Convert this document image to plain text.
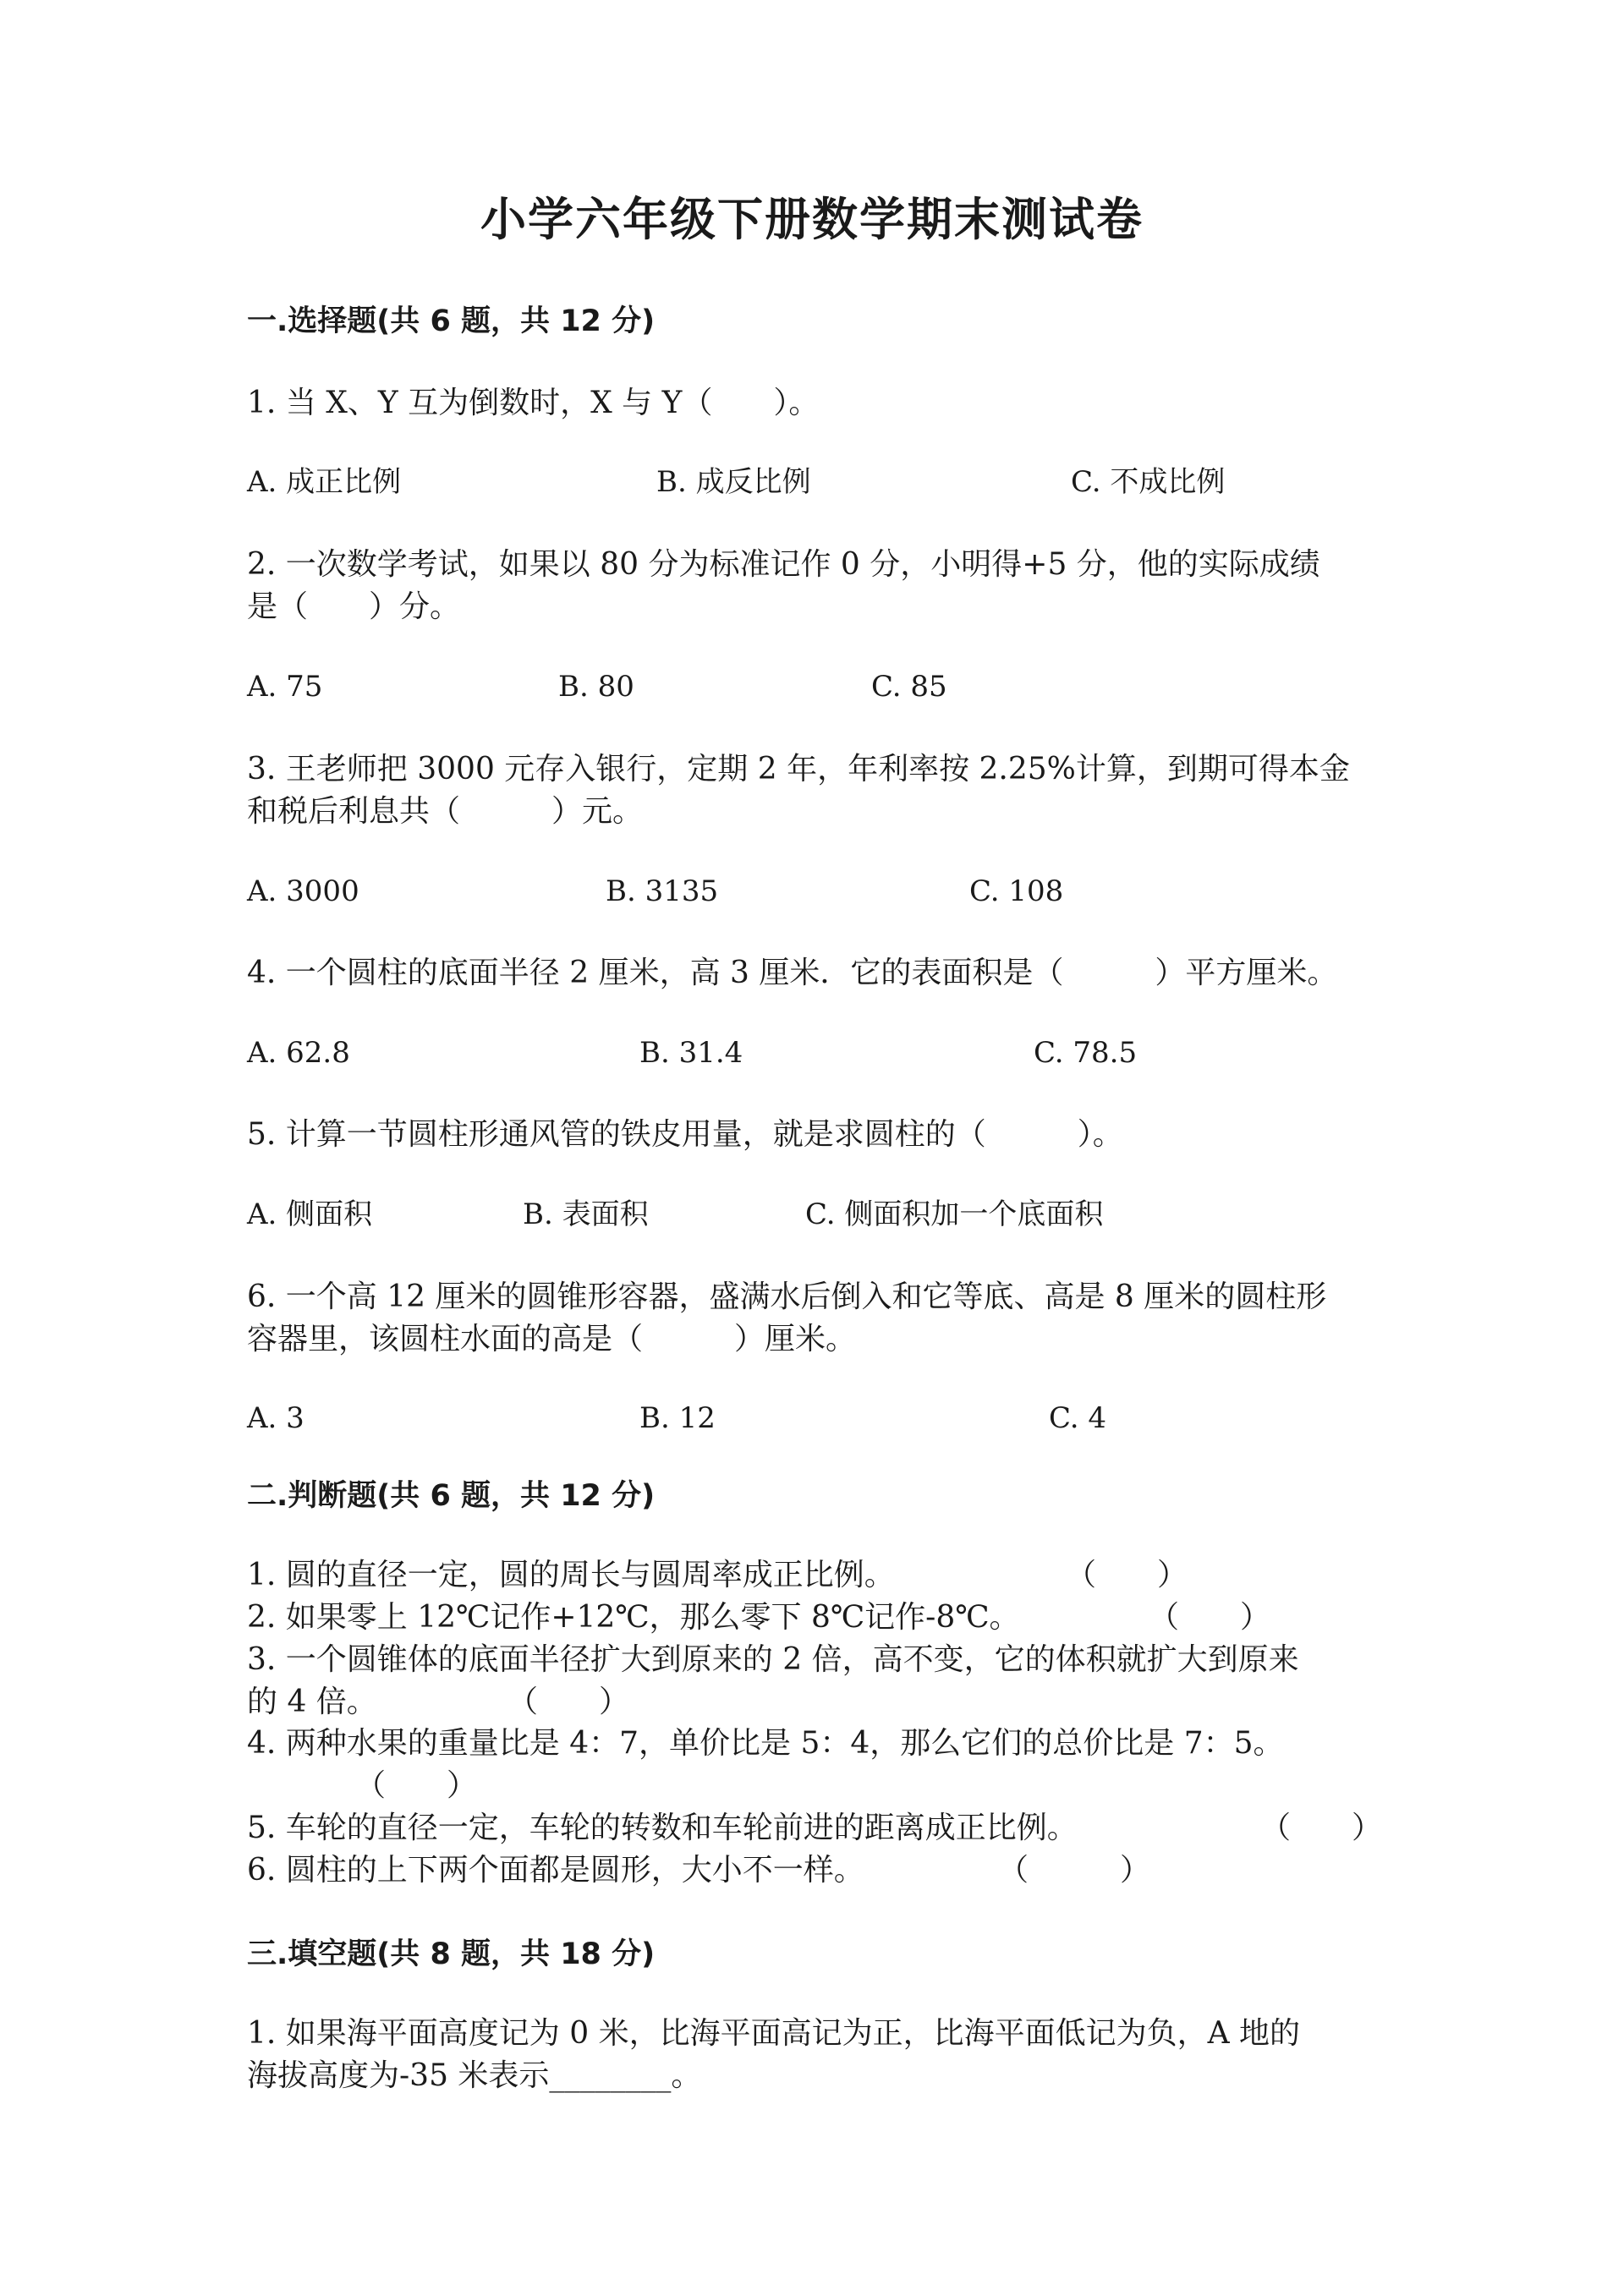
小学六年级下册数学期末测试卷
一.选择题(共 6 题，共 12 分)
1. 当 X、Y 互为倒数时，X 与 Y（　　）。
A. 成正比例	B. 成反比例	C. 不成比例
2. 一次数学考试，如果以 80 分为标准记作 0 分，小明得+5 分，他的实际成绩
是（　　）分。
A. 75	B. 80	C. 85
3. 王老师把 3000 元存入银行，定期 2 年，年利率按 2.25%计算，到期可得本金
和税后利息共（　　　）元。
A. 3000	B. 3135	C. 108
4. 一个圆柱的底面半径 2 厘米，高 3 厘米．它的表面积是（　　　）平方厘米。
A. 62.8	B. 31.4	C. 78.5
5. 计算一节圆柱形通风管的铁皮用量，就是求圆柱的（　　　）。
A. 侧面积	B. 表面积	C. 侧面积加一个底面积
6. 一个高 12 厘米的圆锥形容器，盛满水后倒入和它等底、高是 8 厘米的圆柱形
容器里，该圆柱水面的高是（　　　）厘米。
A. 3	B. 12	C. 4
二.判断题(共 6 题，共 12 分)
1. 圆的直径一定，圆的周长与圆周率成正比例。	（　　）
2. 如果零上 12℃记作+12℃，那么零下 8℃记作-8℃。	（　　）
3. 一个圆锥体的底面半径扩大到原来的 2 倍，高不变，它的体积就扩大到原来
的 4 倍。	（　　）
4. 两种水果的重量比是 4：7，单价比是 5：4，那么它们的总价比是 7：5。
（　　）
5. 车轮的直径一定，车轮的转数和车轮前进的距离成正比例。	（　　）
6. 圆柱的上下两个面都是圆形，大小不一样。	（　　　）
三.填空题(共 8 题，共 18 分)
1. 如果海平面高度记为 0 米，比海平面高记为正，比海平面低记为负，A 地的
海拔高度为-35 米表示________。
